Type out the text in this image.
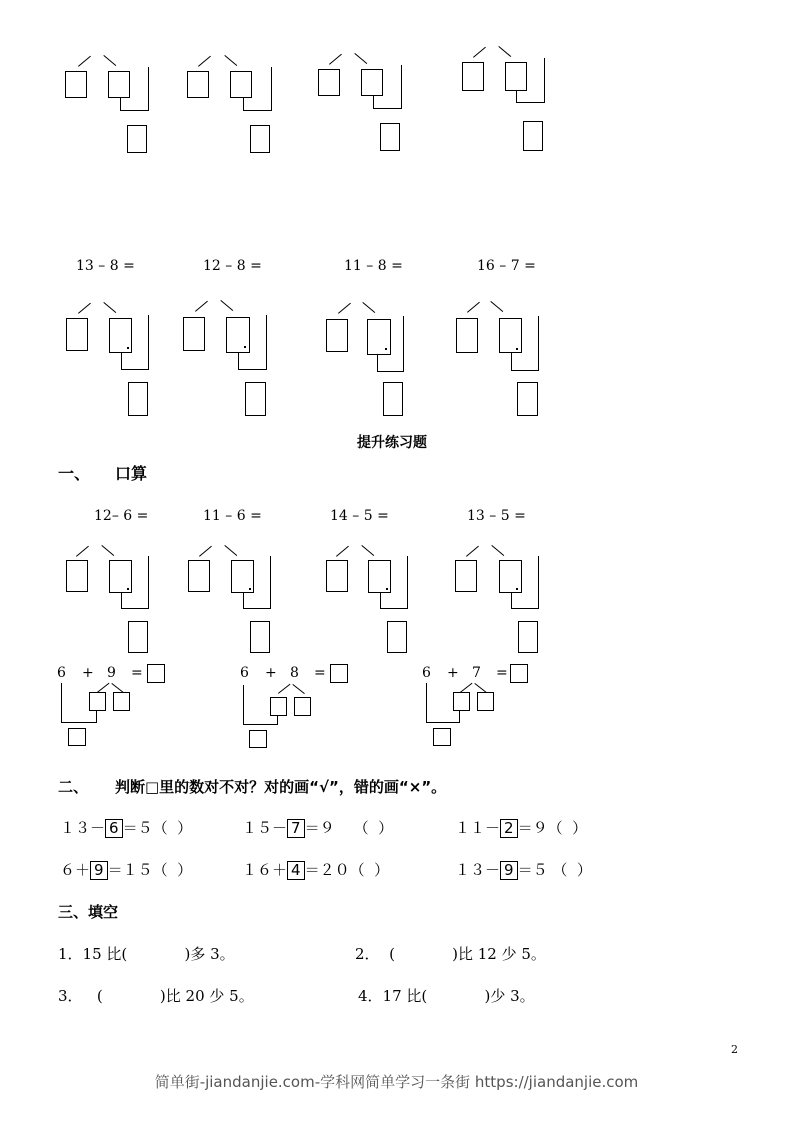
13 – 8 =	12 – 8 =	11 – 8 =	16 – 7 =
提升练习题
一、 口算
12– 6 =	11 – 6 =	14 – 5 =	13 – 5 =
6 + 9 =	6 + 8 =	6 + 7 =
二、 判断□里的数对不对？对的画“√”，错的画“×”。
１３－ 6 ＝５（  ）	１５－ 7 ＝９    （  ）	１１－ 2 ＝９（  ）
６＋ 9 ＝１５（  ）	１６＋ 4 ＝２０（  ）	１３－ 9 ＝５ （  ）
三、填空
1．15 比(            )多 3。	2．  (            )比 12 少 5。
3．   (            )比 20 少 5。	4．17 比(            )少 3。
2
简单街-jiandanjie.com-学科网简单学习一条街 https://jiandanjie.com
